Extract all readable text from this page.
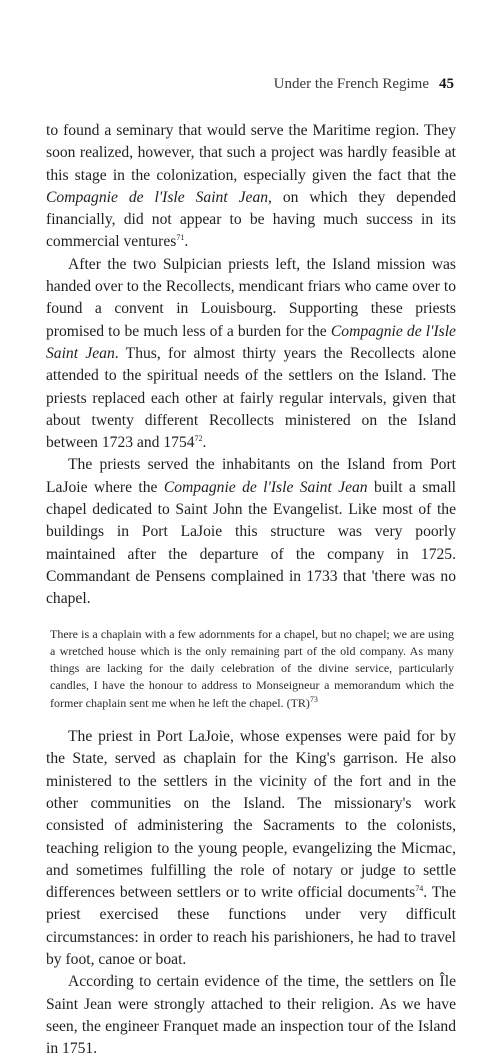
Under the French Regime 45

to found a seminary that would serve the Maritime region. They soon realized, however, that such a project was hardly feasible at this stage in the colonization, especially given the fact that the Compagnie de l'Isle Saint Jean, on which they depended financially, did not appear to be having much success in its commercial ventures$^{71}$.

After the two Sulpician priests left, the Island mission was handed over to the Recollects, mendicant friars who came over to found a convent in Louisbourg. Supporting these priests promised to be much less of a burden for the Compagnie de l'Isle Saint Jean. Thus, for almost thirty years the Recollects alone attended to the spiritual needs of the settlers on the Island. The priests replaced each other at fairly regular intervals, given that about twenty different Recollects ministered on the Island between 1723 and 1754$^{72}$.

The priests served the inhabitants on the Island from Port LaJoie where the Compagnie de l'Isle Saint Jean built a small chapel dedicated to Saint John the Evangelist. Like most of the buildings in Port LaJoie this structure was very poorly maintained after the departure of the company in 1725. Commandant de Pensens complained in 1733 that 'there was no chapel.

There is a chaplain with a few adornments for a chapel, but no chapel; we are using a wretched house which is the only remaining part of the old company. As many things are lacking for the daily celebration of the divine service, particularly candles, I have the honour to address to Monseigneur a memorandum which the former chaplain sent me when he left the chapel. (TR)$^{73}$

The priest in Port LaJoie, whose expenses were paid for by the State, served as chaplain for the King's garrison. He also ministered to the settlers in the vicinity of the fort and in the other communities on the Island. The missionary's work consisted of administering the Sacraments to the colonists, teaching religion to the young people, evangelizing the Micmac, and sometimes fulfilling the role of notary or judge to settle differences between settlers or to write official documents$^{74}$. The priest exercised these functions under very difficult circumstances: in order to reach his parishioners, he had to travel by foot, canoe or boat.

According to certain evidence of the time, the settlers on Île Saint Jean were strongly attached to their religion. As we have seen, the engineer Franquet made an inspection tour of the Island in 1751.
